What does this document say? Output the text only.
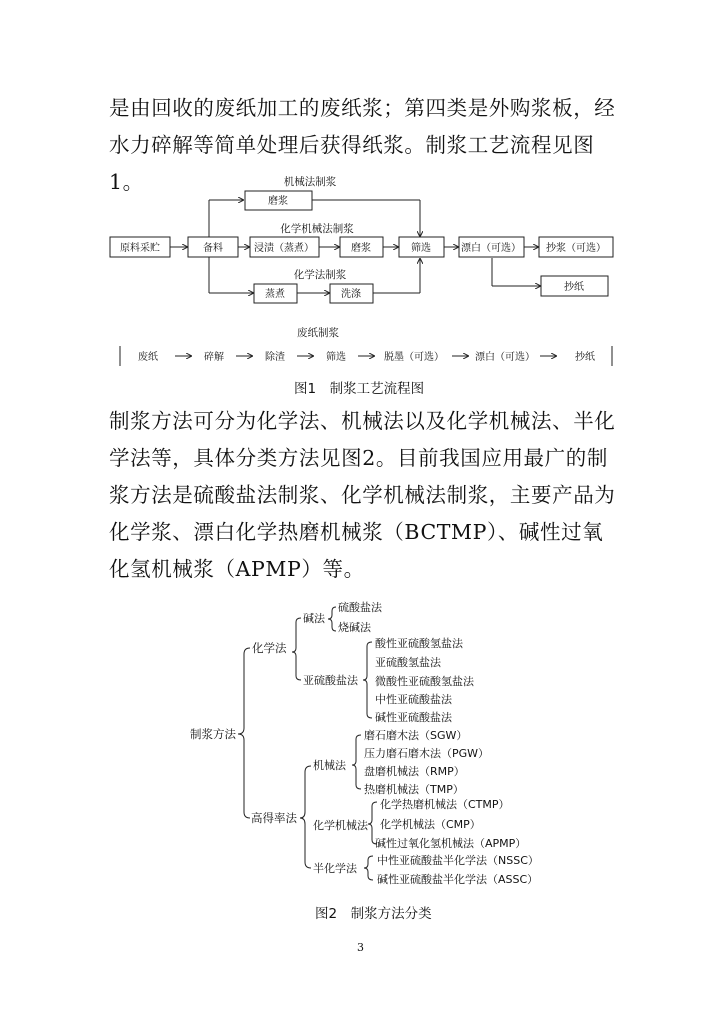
是由回收的废纸加工的废纸浆；第四类是外购浆板，经水力碎解等简单处理后获得纸浆。制浆工艺流程见图1。	机械法制浆
化学机械法制浆
化学法制浆
废纸制浆
原料采贮	备料
磨浆
浸渍（蒸煮）	磨浆	筛选	漂白（可选）	抄浆（可选）
抄纸
蒸煮	洗涤
废纸	碎解	除渣	筛选	脱墨（可选）	漂白（可选）	抄纸
图1　制浆工艺流程图

制浆方法可分为化学法、机械法以及化学机械法、半化学法等，具体分类方法见图2。目前我国应用最广的制浆方法是硫酸盐法制浆、化学机械法制浆，主要产品为化学浆、漂白化学热磨机械浆（BCTMP）、碱性过氧化氢机械浆（APMP）等。

制浆方法
化学法
碱法
硫酸盐法
烧碱法
亚硫酸盐法
酸性亚硫酸氢盐法
亚硫酸氢盐法
微酸性亚硫酸氢盐法
中性亚硫酸盐法
碱性亚硫酸盐法
高得率法
机械法
磨石磨木法（SGW）
压力磨石磨木法（PGW）
盘磨机械法（RMP）
热磨机械法（TMP）
化学机械法
化学热磨机械法（CTMP）
化学机械法（CMP）
碱性过氧化氢机械法（APMP）
半化学法
中性亚硫酸盐半化学法（NSSC）
碱性亚硫酸盐半化学法（ASSC）
图2　制浆方法分类
3
